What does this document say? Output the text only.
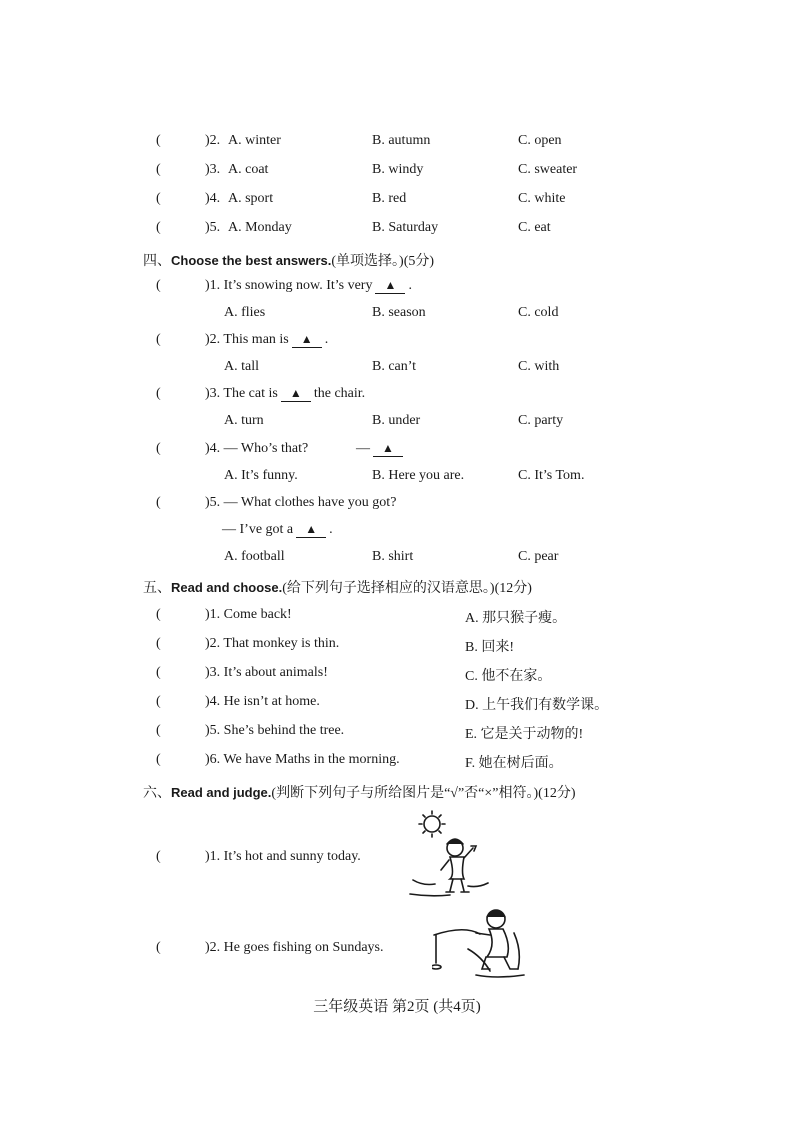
(	)2. A. winter	B. autumn	C. open
(	)3. A. coat	B. windy	C. sweater
(	)4. A. sport	B. red	C. white
(	)5. A. Monday	B. Saturday	C. eat
四、Choose the best answers.(单项选择。)(5分)
(	)1. It’s snowing now. It’s very ▲ .
A. flies	B. season	C. cold
(	)2. This man is ▲ .
A. tall	B. can’t	C. with
(	)3. The cat is ▲ the chair.
A. turn	B. under	C. party
(	)4. — Who’s that?	— ▲
A. It’s funny.	B. Here you are.	C. It’s Tom.
(	)5. — What clothes have you got?
— I’ve got a ▲ .
A. football	B. shirt	C. pear
五、Read and choose.(给下列句子选择相应的汉语意思。)(12分)
(	)1. Come back!	A. 那只猴子瘦。
(	)2. That monkey is thin.	B. 回来!
(	)3. It’s about animals!	C. 他不在家。
(	)4. He isn’t at home.	D. 上午我们有数学课。
(	)5. She’s behind the tree.	E. 它是关于动物的!
(	)6. We have Maths in the morning.	F. 她在树后面。
六、Read and judge.(判断下列句子与所给图片是“√”否“×”相符。)(12分)
(	)1. It’s hot and sunny today.
(	)2. He goes fishing on Sundays.
三年级英语 第2页 (共4页)
